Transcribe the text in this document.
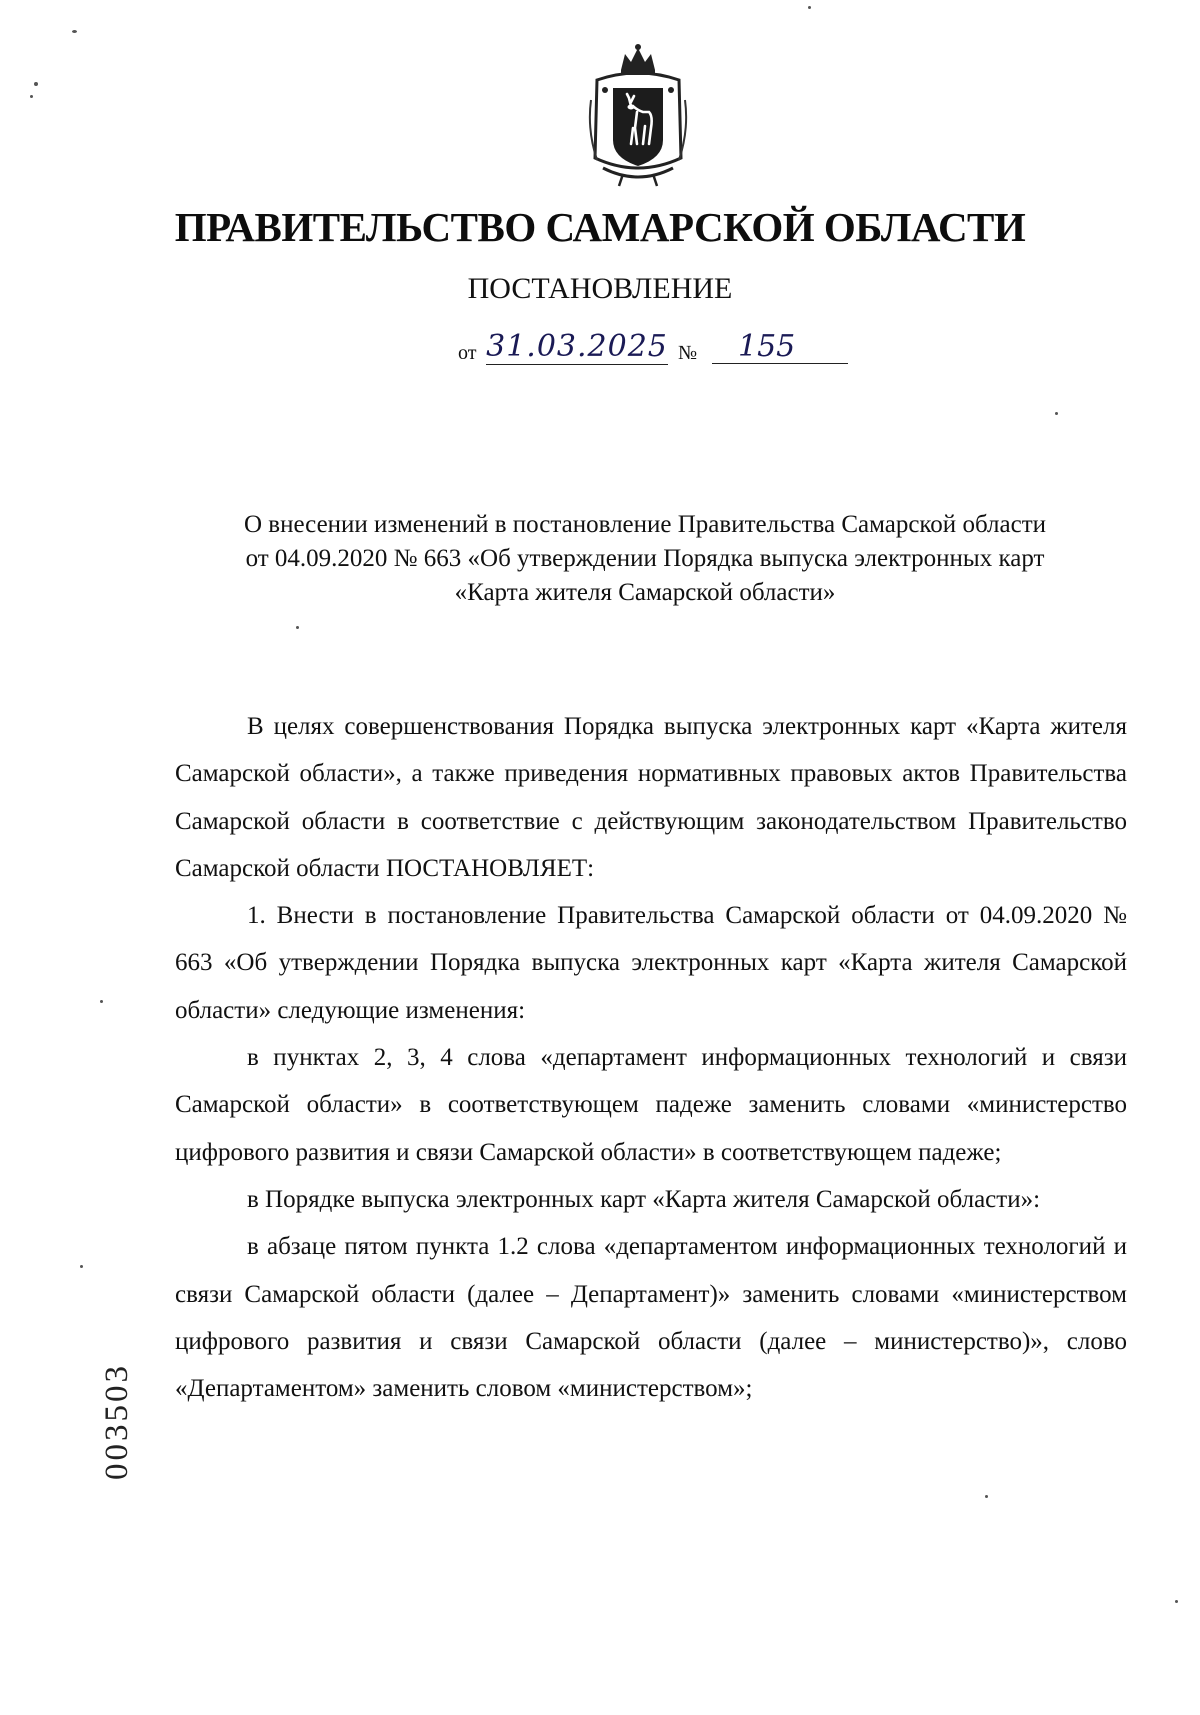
ПРАВИТЕЛЬСТВО САМАРСКОЙ ОБЛАСТИ
ПОСТАНОВЛЕНИЕ
от 31.03.2025 №	155
О внесении изменений в постановление Правительства Самарской области
от 04.09.2020 № 663 «Об утверждении Порядка выпуска электронных карт
«Карта жителя Самарской области»

В целях совершенствования Порядка выпуска электронных карт «Карта жителя Самарской области», а также приведения нормативных правовых актов Правительства Самарской области в соответствие с действующим законодательством Правительство Самарской области ПОСТАНОВЛЯЕТ:

1. Внести в постановление Правительства Самарской области от 04.09.2020 № 663 «Об утверждении Порядка выпуска электронных карт «Карта жителя Самарской области» следующие изменения:

в пунктах 2, 3, 4 слова «департамент информационных технологий и связи Самарской области» в соответствующем падеже заменить словами «министерство цифрового развития и связи Самарской области» в соответствующем падеже;

в Порядке выпуска электронных карт «Карта жителя Самарской области»:

в абзаце пятом пункта 1.2 слова «департаментом информационных технологий и связи Самарской области (далее – Департамент)» заменить словами «министерством цифрового развития и связи Самарской области (далее – министерство)», слово «Департаментом» заменить словом «министерством»;

003503
